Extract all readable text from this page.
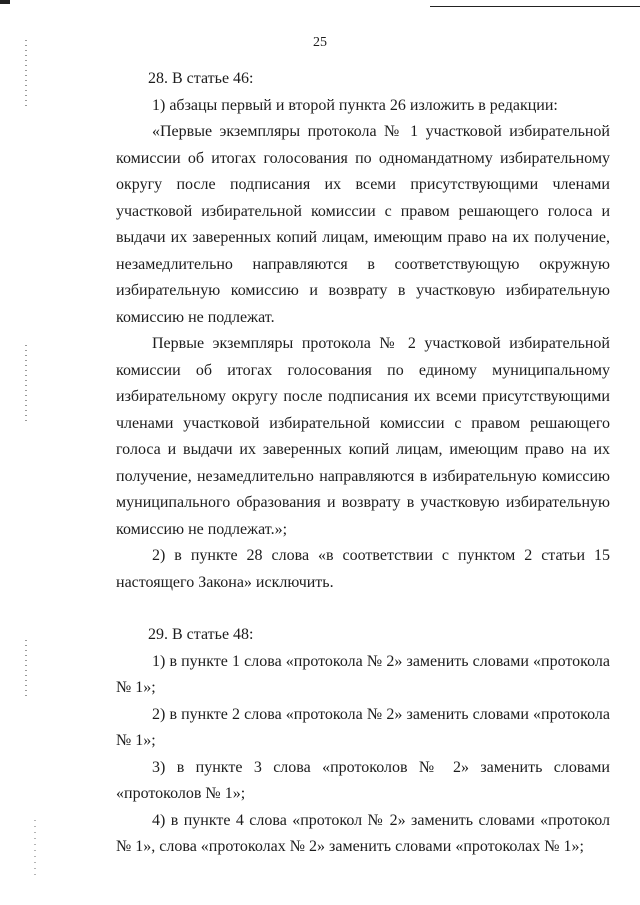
25

28. В статье 46:

1) абзацы первый и второй пункта 26 изложить в редакции:

«Первые экземпляры протокола № 1 участковой избирательной комиссии об итогах голосования по одномандатному избирательному округу после подписания их всеми присутствующими членами участковой избирательной комиссии с правом решающего голоса и выдачи их заверенных копий лицам, имеющим право на их получение, незамедлительно направляются в соответствующую окружную избирательную комиссию и возврату в участковую избирательную комиссию не подлежат.

Первые экземпляры протокола № 2 участковой избирательной комиссии об итогах голосования по единому муниципальному избирательному округу после подписания их всеми присутствующими членами участковой избирательной комиссии с правом решающего голоса и выдачи их заверенных копий лицам, имеющим право на их получение, незамедлительно направляются в избирательную комиссию муниципального образования и возврату в участковую избирательную комиссию не подлежат.»;

2) в пункте 28 слова «в соответствии с пунктом 2 статьи 15 настоящего Закона» исключить.

29. В статье 48:

1) в пункте 1 слова «протокола № 2» заменить словами «протокола № 1»;

2) в пункте 2 слова «протокола № 2» заменить словами «протокола № 1»;

3) в пункте 3 слова «протоколов № 2» заменить словами «протоколов № 1»;

4) в пункте 4 слова «протокол № 2» заменить словами «протокол № 1», слова «протоколах № 2» заменить словами «протоколах № 1»;
